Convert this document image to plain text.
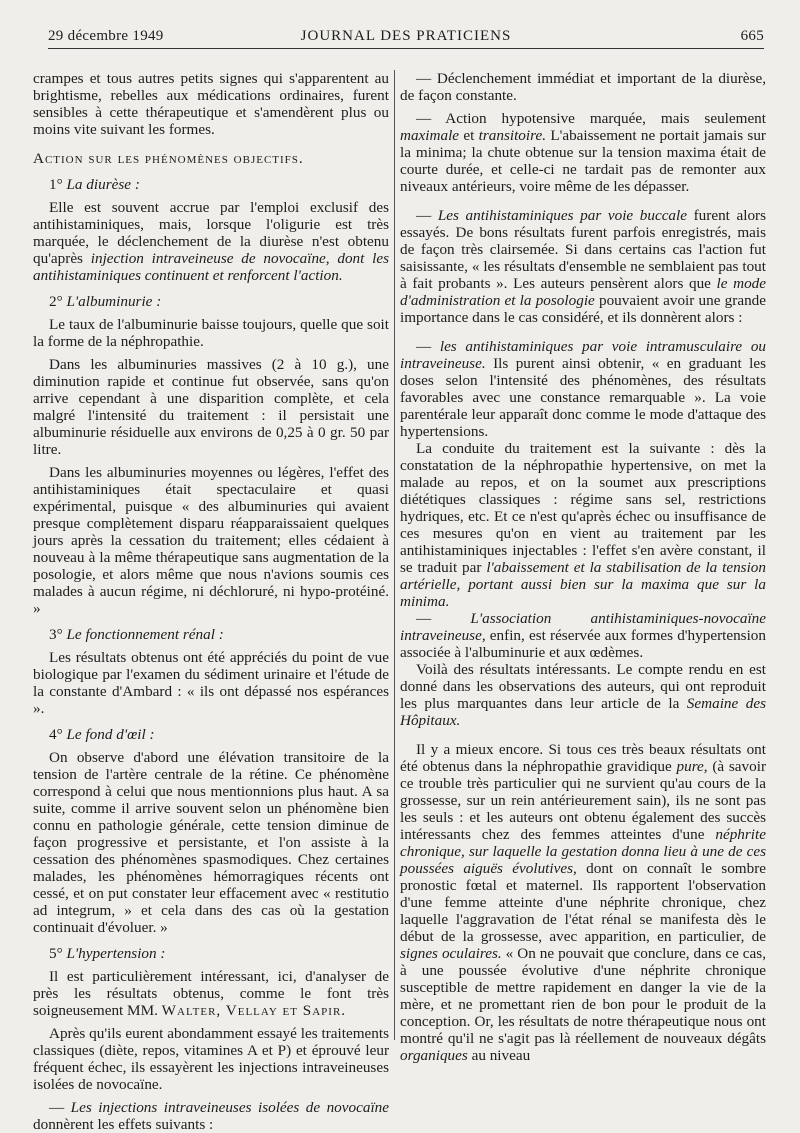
29 décembre 1949	JOURNAL DES PRATICIENS	665

crampes et tous autres petits signes qui s'apparentent au brightisme, rebelles aux médications ordinaires, furent sensibles à cette thérapeutique et s'amendèrent plus ou moins vite suivant les formes.

Action sur les phénomènes objectifs.

1° La diurèse :

Elle est souvent accrue par l'emploi exclusif des antihistaminiques, mais, lorsque l'oligurie est très marquée, le déclenchement de la diurèse n'est obtenu qu'après injection intraveineuse de novocaïne, dont les antihistaminiques continuent et renforcent l'action.

2° L'albuminurie :

Le taux de l'albuminurie baisse toujours, quelle que soit la forme de la néphropathie.

Dans les albuminuries massives (2 à 10 g.), une diminution rapide et continue fut observée, sans qu'on arrive cependant à une disparition complète, et cela malgré l'intensité du traitement : il persistait une albuminurie résiduelle aux environs de 0,25 à 0 gr. 50 par litre.

Dans les albuminuries moyennes ou légères, l'effet des antihistaminiques était spectaculaire et quasi expérimental, puisque « des albuminuries qui avaient presque complètement disparu réapparaissaient quelques jours après la cessation du traitement; elles cédaient à nouveau à la même thérapeutique sans augmentation de la posologie, et alors même que nous n'avions soumis ces malades à aucun régime, ni déchloruré, ni hypo-protéiné. »

3° Le fonctionnement rénal :

Les résultats obtenus ont été appréciés du point de vue biologique par l'examen du sédiment urinaire et l'étude de la constante d'Ambard : « ils ont dépassé nos espérances ».

4° Le fond d'œil :

On observe d'abord une élévation transitoire de la tension de l'artère centrale de la rétine. Ce phénomène correspond à celui que nous mentionnions plus haut. A sa suite, comme il arrive souvent selon un phénomène bien connu en pathologie générale, cette tension diminue de façon progressive et persistante, et l'on assiste à la cessation des phénomènes spasmodiques. Chez certaines malades, les phénomènes hémorragiques récents ont cessé, et on put constater leur effacement avec « restitutio ad integrum, » et cela dans des cas où la gestation continuait d'évoluer. »

5° L'hypertension :

Il est particulièrement intéressant, ici, d'analyser de près les résultats obtenus, comme le font très soigneusement MM. Walter, Vellay et Sapir.

Après qu'ils eurent abondamment essayé les traitements classiques (diète, repos, vitamines A et P) et éprouvé leur fréquent échec, ils essayèrent les injections intraveineuses isolées de novocaïne.

— Les injections intraveineuses isolées de novocaïne donnèrent les effets suivants :

— Déclenchement immédiat et important de la diurèse, de façon constante.

— Action hypotensive marquée, mais seulement maximale et transitoire. L'abaissement ne portait jamais sur la minima; la chute obtenue sur la tension maxima était de courte durée, et celle-ci ne tardait pas de remonter aux niveaux antérieurs, voire même de les dépasser.

— Les antihistaminiques par voie buccale furent alors essayés. De bons résultats furent parfois enregistrés, mais de façon très clairsemée. Si dans certains cas l'action fut saisissante, « les résultats d'ensemble ne semblaient pas tout à fait probants ». Les auteurs pensèrent alors que le mode d'administration et la posologie pouvaient avoir une grande importance dans le cas considéré, et ils donnèrent alors :

— les antihistaminiques par voie intramusculaire ou intraveineuse. Ils purent ainsi obtenir, « en graduant les doses selon l'intensité des phénomènes, des résultats favorables avec une constance remarquable ». La voie parentérale leur apparaît donc comme le mode d'attaque des hypertensions.

La conduite du traitement est la suivante : dès la constatation de la néphropathie hypertensive, on met la malade au repos, et on la soumet aux prescriptions diététiques classiques : régime sans sel, restrictions hydriques, etc. Et ce n'est qu'après échec ou insuffisance de ces mesures qu'on en vient au traitement par les antihistaminiques injectables : l'effet s'en avère constant, il se traduit par l'abaissement et la stabilisation de la tension artérielle, portant aussi bien sur la maxima que sur la minima.

— L'association antihistaminiques-novocaïne intraveineuse, enfin, est réservée aux formes d'hypertension associée à l'albuminurie et aux œdèmes.

Voilà des résultats intéressants. Le compte rendu en est donné dans les observations des auteurs, qui ont reproduit les plus marquantes dans leur article de la Semaine des Hôpitaux.

Il y a mieux encore. Si tous ces très beaux résultats ont été obtenus dans la néphropathie gravidique pure, (à savoir ce trouble très particulier qui ne survient qu'au cours de la grossesse, sur un rein antérieurement sain), ils ne sont pas les seuls : et les auteurs ont obtenu également des succès intéressants chez des femmes atteintes d'une néphrite chronique, sur laquelle la gestation donna lieu à une de ces poussées aiguës évolutives, dont on connaît le sombre pronostic fœtal et maternel. Ils rapportent l'observation d'une femme atteinte d'une néphrite chronique, chez laquelle l'aggravation de l'état rénal se manifesta dès le début de la grossesse, avec apparition, en particulier, de signes oculaires. « On ne pouvait que conclure, dans ce cas, à une poussée évolutive d'une néphrite chronique susceptible de mettre rapidement en danger la vie de la mère, et ne promettant rien de bon pour le produit de la conception. Or, les résultats de notre thérapeutique nous ont montré qu'il ne s'agit pas là réellement de nouveaux dégâts organiques au niveau
